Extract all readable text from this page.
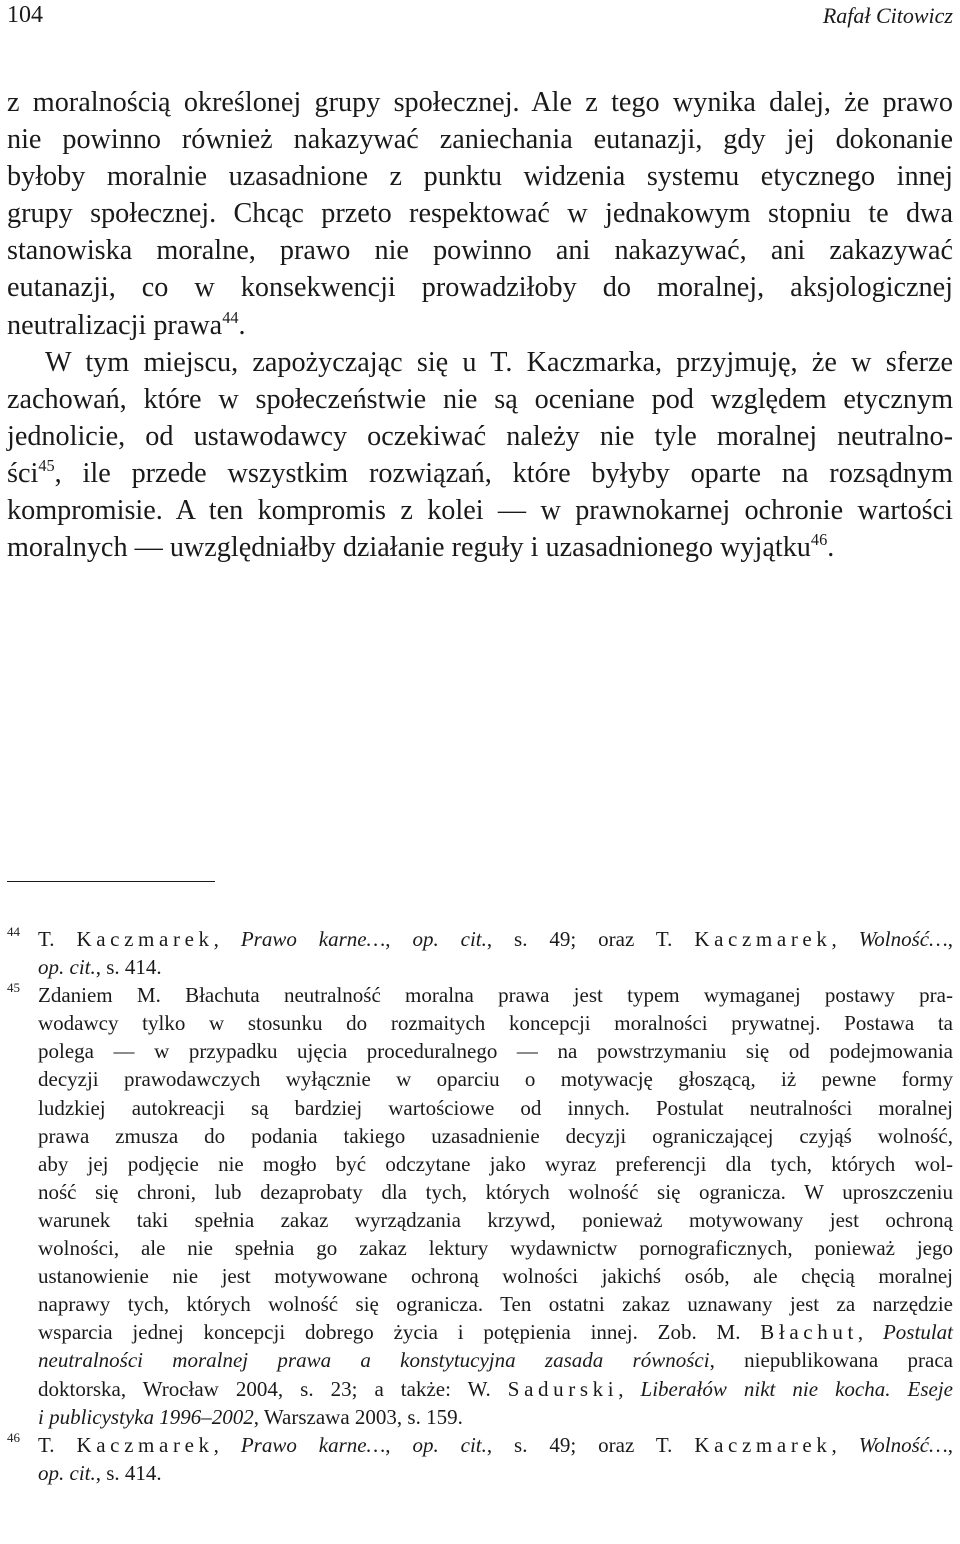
104	Rafał Citowicz

z moralnością określonej grupy społecznej. Ale z tego wynika dalej, że prawo

nie powinno również nakazywać zaniechania eutanazji, gdy jej dokonanie

byłoby moralnie uzasadnione z punktu widzenia systemu etycznego innej

grupy społecznej. Chcąc przeto respektować w jednakowym stopniu te dwa

stanowiska moralne, prawo nie powinno ani nakazywać, ani zakazywać

eutanazji, co w konsekwencji prowadziłoby do moralnej, aksjologicznej

neutralizacji prawa$^{44}$.

W tym miejscu, zapożyczając się u T. Kaczmarka, przyjmuję, że w sferze

zachowań, które w społeczeństwie nie są oceniane pod względem etycznym

jednolicie, od ustawodawcy oczekiwać należy nie tyle moralnej neutralno-

ści$^{45}$, ile przede wszystkim rozwiązań, które byłyby oparte na rozsądnym

kompromisie. A ten kompromis z kolei — w prawnokarnej ochronie wartości

moralnych — uwzględniałby działanie reguły i uzasadnionego wyjątku$^{46}$.

44 T. Kaczmarek, Prawo karne…, op. cit., s. 49; oraz T. Kaczmarek, Wolność…,

op. cit., s. 414.

45 Zdaniem M. Błachuta neutralność moralna prawa jest typem wymaganej postawy pra-

wodawcy tylko w stosunku do rozmaitych koncepcji moralności prywatnej. Postawa ta

polega — w przypadku ujęcia proceduralnego — na powstrzymaniu się od podejmowania

decyzji prawodawczych wyłącznie w oparciu o motywację głoszącą, iż pewne formy

ludzkiej autokreacji są bardziej wartościowe od innych. Postulat neutralności moralnej

prawa zmusza do podania takiego uzasadnienie decyzji ograniczającej czyjąś wolność,

aby jej podjęcie nie mogło być odczytane jako wyraz preferencji dla tych, których wol-

ność się chroni, lub dezaprobaty dla tych, których wolność się ogranicza. W uproszczeniu

warunek taki spełnia zakaz wyrządzania krzywd, ponieważ motywowany jest ochroną

wolności, ale nie spełnia go zakaz lektury wydawnictw pornograficznych, ponieważ jego

ustanowienie nie jest motywowane ochroną wolności jakichś osób, ale chęcią moralnej

naprawy tych, których wolność się ogranicza. Ten ostatni zakaz uznawany jest za narzędzie

wsparcia jednej koncepcji dobrego życia i potępienia innej. Zob. M. Błachut, Postulat

neutralności moralnej prawa a konstytucyjna zasada równości, niepublikowana praca

doktorska, Wrocław 2004, s. 23; a także: W. Sadurski, Liberałów nikt nie kocha. Eseje

i publicystyka 1996–2002, Warszawa 2003, s. 159.

46 T. Kaczmarek, Prawo karne…, op. cit., s. 49; oraz T. Kaczmarek, Wolność…,

op. cit., s. 414.
